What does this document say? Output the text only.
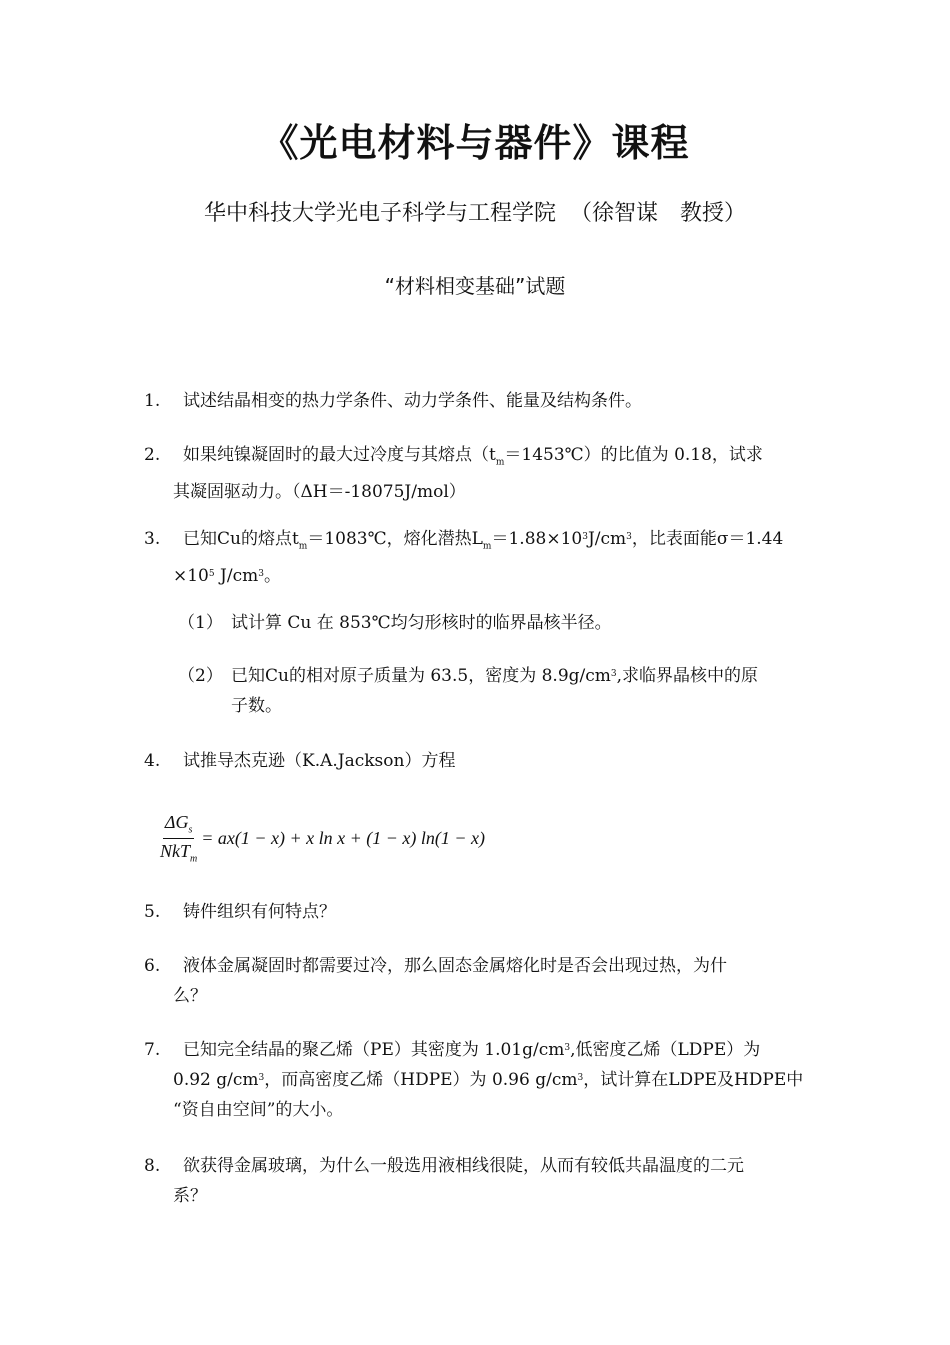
《光电材料与器件》课程
华中科技大学光电子科学与工程学院 （徐智谋 教授）
“材料相变基础”试题
1.	试述结晶相变的热力学条件、动力学条件、能量及结构条件。
2.	如果纯镍凝固时的最大过冷度与其熔点$(t_m=1453℃)$的比值为 0.18，试求
其凝固驱动力。（ΔH＝-18075J/mol）
3.	已知Cu的熔点$t_m=1083℃$，熔化潜热$L_m=1.88\times 10^3J/cm^3$，比表面能σ＝1.44
$\times 10^5$ $J/cm^3$。
（1） 试计算 Cu 在 853℃均匀形核时的临界晶核半径。
（2） 已知Cu的相对原子质量为 63.5，密度为 $8.9g/cm^3$,求临界晶核中的原
子数。
4.	试推导杰克逊（K.A.Jackson）方程
$\frac{\Delta G_s}{NkT_m} = ax(1 - x) + x$ ln x + (1 − x) ln(1 − x)
5.	铸件组织有何特点？
6.	液体金属凝固时都需要过冷，那么固态金属熔化时是否会出现过热，为什
么？
7.	已知完全结晶的聚乙烯（PE）其密度为 $1.01g/cm^3$,低密度乙烯（LDPE）为
0.92 $g/cm^3$，而高密度乙烯（HDPE）为 0.96 $g/cm^3$，试计算在LDPE及HDPE中
“资自由空间”的大小。
8.	欲获得金属玻璃，为什么一般选用液相线很陡，从而有较低共晶温度的二元
系？
